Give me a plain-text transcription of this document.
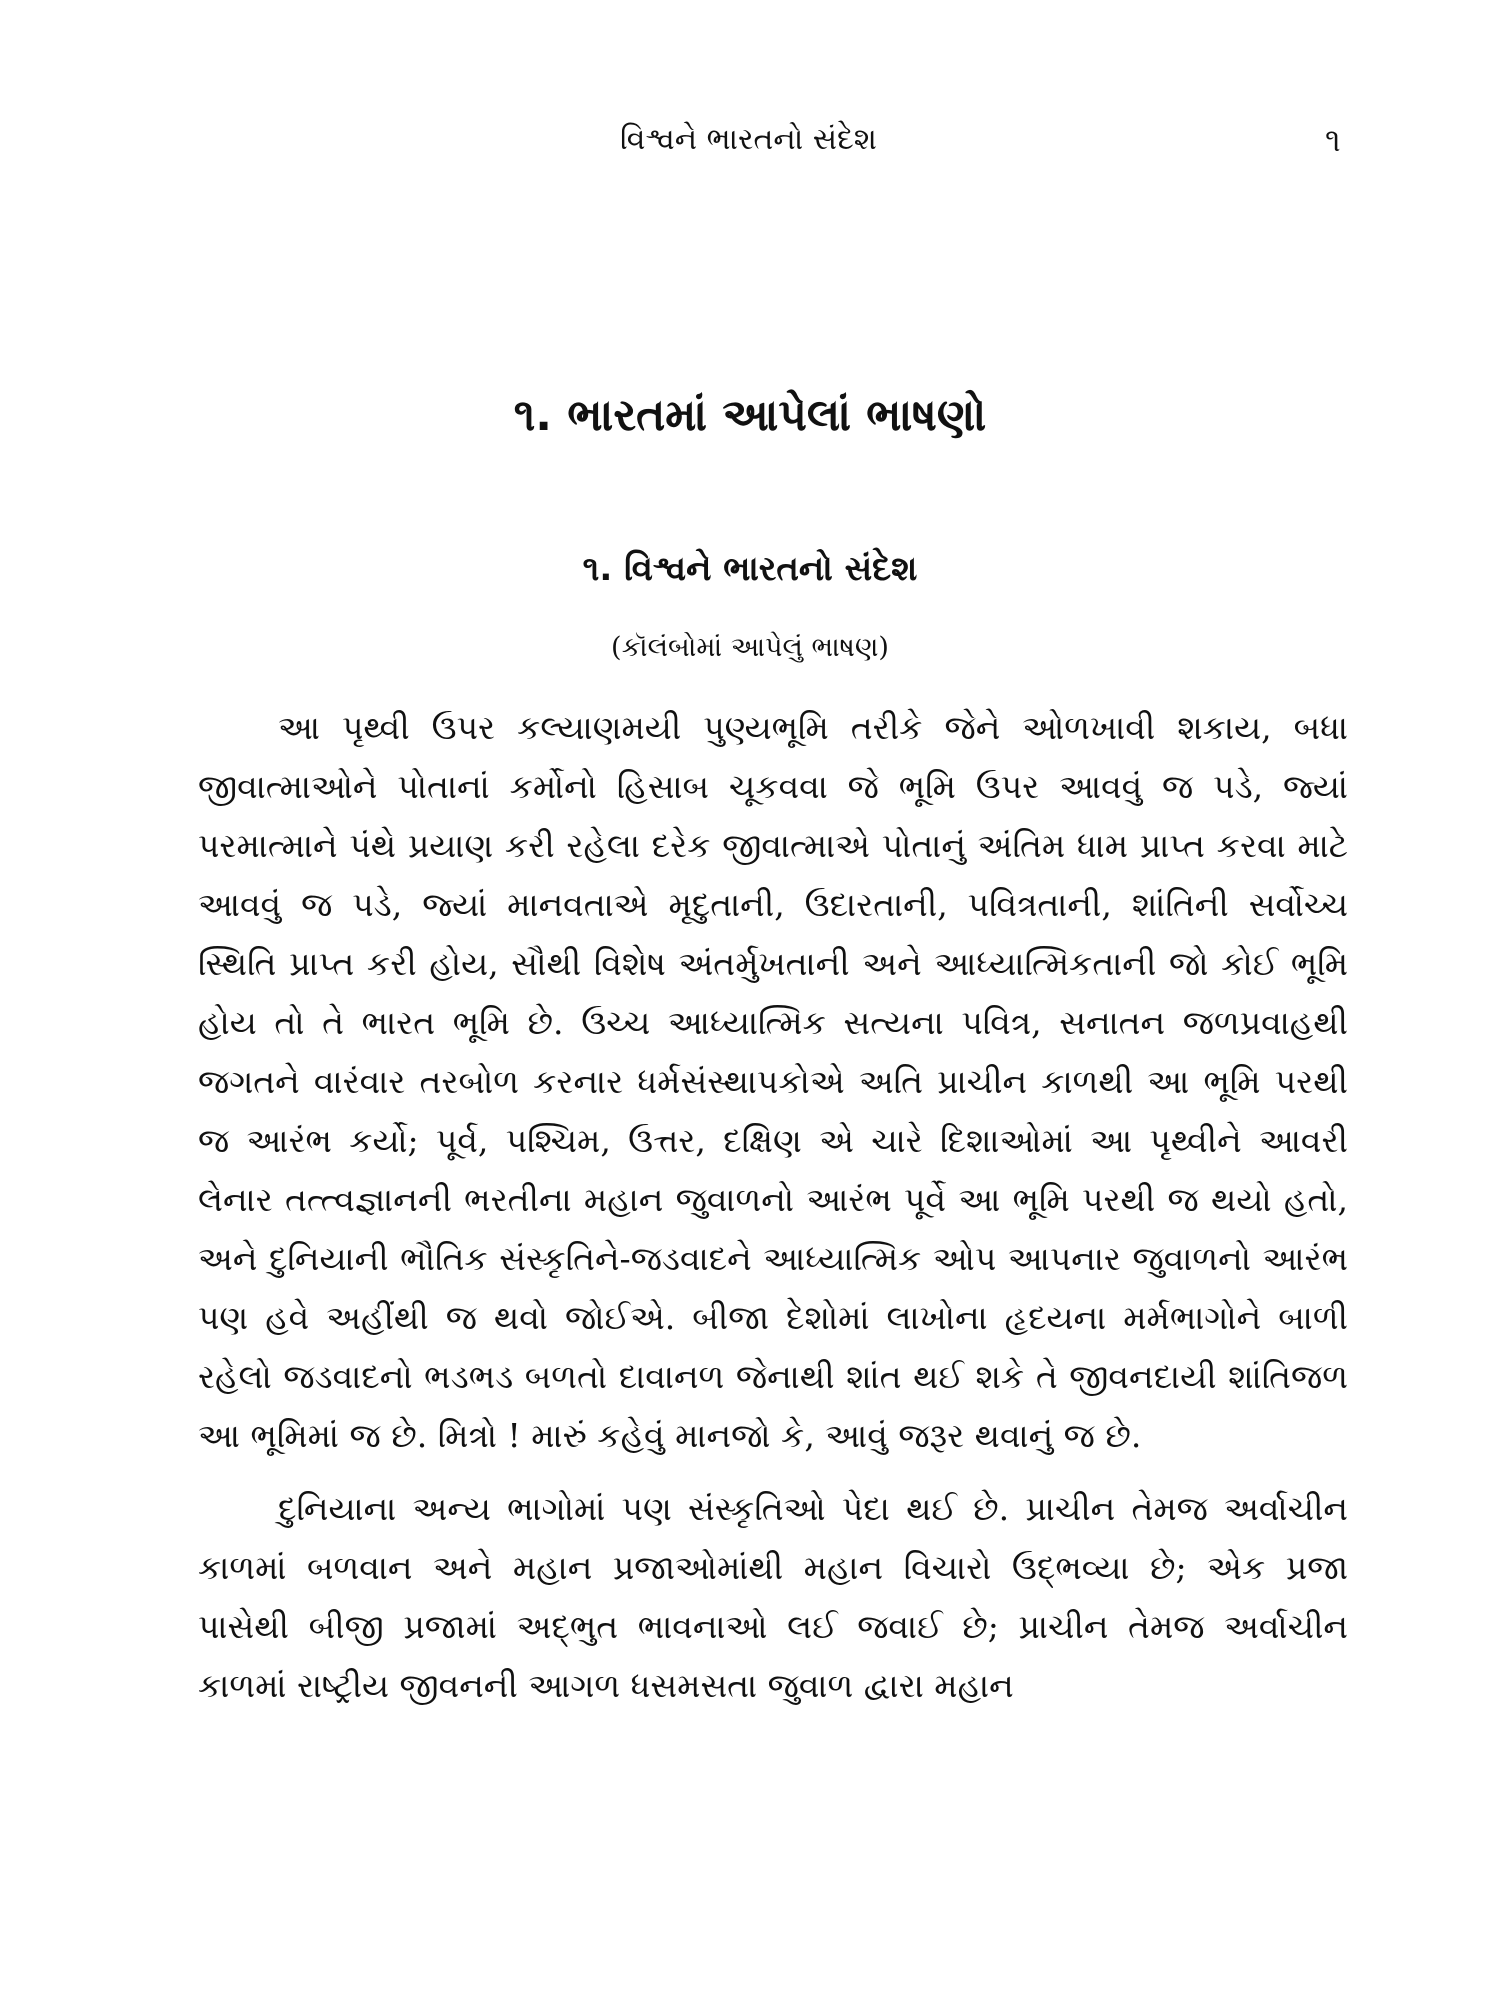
વિશ્વને ભારતનો સંદેશ	૧
૧. ભારતમાં આપેલાં ભાષણો
૧. વિશ્વને ભારતનો સંદેશ
(કૉલંબોમાં આપેલું ભાષણ)

આ પૃથ્વી ઉપર કલ્યાણમયી પુણ્યભૂમિ તરીકે જેને ઓળખાવી શકાય, બધા જીવાત્માઓને પોતાનાં કર્મોનો હિસાબ ચૂકવવા જે ભૂમિ ઉપર આવવું જ પડે, જ્યાં પરમાત્માને પંથે પ્રયાણ કરી રહેલા દરેક જીવાત્માએ પોતાનું અંતિમ ધામ પ્રાપ્ત કરવા માટે આવવું જ પડે, જ્યાં માનવતાએ મૃદુતાની, ઉદારતાની, પવિત્રતાની, શાંતિની સર્વોચ્ચ સ્થિતિ પ્રાપ્ત કરી હોય, સૌથી વિશેષ અંતર્મુખતાની અને આધ્યાત્મિકતાની જો કોઈ ભૂમિ હોય તો તે ભારત ભૂમિ છે. ઉચ્ચ આધ્યાત્મિક સત્યના પવિત્ર, સનાતન જળપ્રવાહથી જગતને વારંવાર તરબોળ કરનાર ધર્મસંસ્થાપકોએ અતિ પ્રાચીન કાળથી આ ભૂમિ પરથી જ આરંભ કર્યો; પૂર્વ, પશ્ચિમ, ઉત્તર, દક્ષિણ એ ચારે દિશાઓમાં આ પૃથ્વીને આવરી લેનાર તત્ત્વજ્ઞાનની ભરતીના મહાન જુવાળનો આરંભ પૂર્વે આ ભૂમિ પરથી જ થયો હતો, અને દુનિયાની ભૌતિક સંસ્કૃતિને-જડવાદને આધ્યાત્મિક ઓપ આપનાર જુવાળનો આરંભ પણ હવે અહીંથી જ થવો જોઈએ. બીજા દેશોમાં લાખોના હૃદયના મર્મભાગોને બાળી રહેલો જડવાદનો ભડભડ બળતો દાવાનળ જેનાથી શાંત થઈ શકે તે જીવનદાયી શાંતિજળ આ ભૂમિમાં જ છે. મિત્રો ! મારું કહેવું માનજો કે, આવું જરૂર થવાનું જ છે.

દુનિયાના અન્ય ભાગોમાં પણ સંસ્કૃતિઓ પેદા થઈ છે. પ્રાચીન તેમજ અર્વાચીન કાળમાં બળવાન અને મહાન પ્રજાઓમાંથી મહાન વિચારો ઉદ્ભવ્યા છે; એક પ્રજા પાસેથી બીજી પ્રજામાં અદ્ભુત ભાવનાઓ લઈ જવાઈ છે; પ્રાચીન તેમજ અર્વાચીન કાળમાં રાષ્ટ્રીય જીવનની આગળ ધસમસતા જુવાળ દ્વારા મહાન
